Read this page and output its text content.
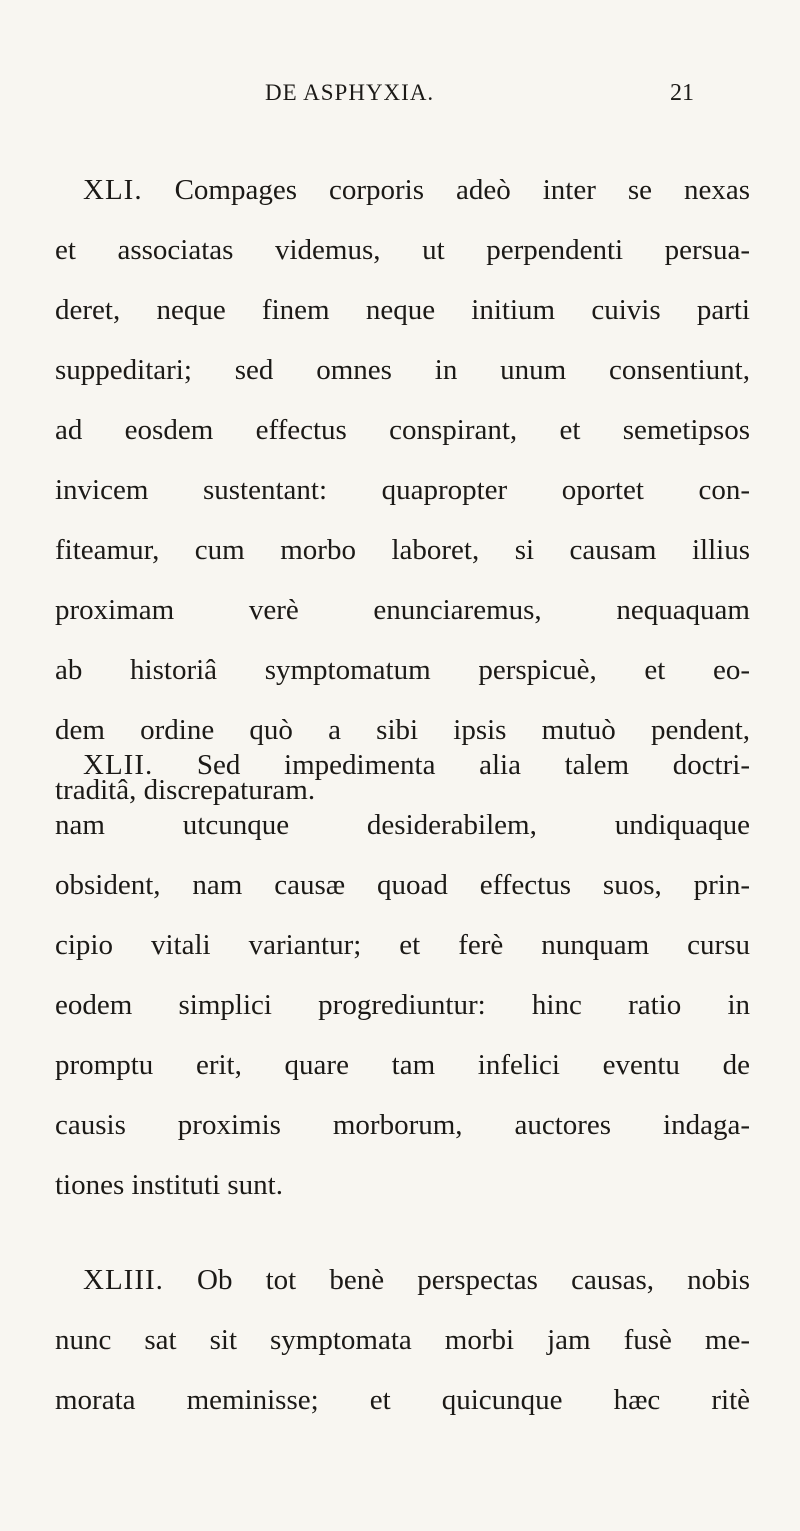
DE ASPHYXIA.	21
XLI. Compages corporis adeò inter se nexas
et associatas videmus, ut perpendenti persua-
deret, neque finem neque initium cuivis parti
suppeditari; sed omnes in unum consentiunt,
ad eosdem effectus conspirant, et semetipsos
invicem sustentant: quapropter oportet con-
fiteamur, cum morbo laboret, si causam illius
proximam verè enunciaremus, nequaquam
ab historiâ symptomatum perspicuè, et eo-
dem ordine quò a sibi ipsis mutuò pendent,
traditâ, discrepaturam.
XLII. Sed impedimenta alia talem doctri-
nam utcunque desiderabilem, undiquaque
obsident, nam causæ quoad effectus suos, prin-
cipio vitali variantur; et ferè nunquam cursu
eodem simplici progrediuntur: hinc ratio in
promptu erit, quare tam infelici eventu de
causis proximis morborum, auctores indaga-
tiones instituti sunt.
XLIII. Ob tot benè perspectas causas, nobis
nunc sat sit symptomata morbi jam fusè me-
morata meminisse; et quicunque hæc ritè
